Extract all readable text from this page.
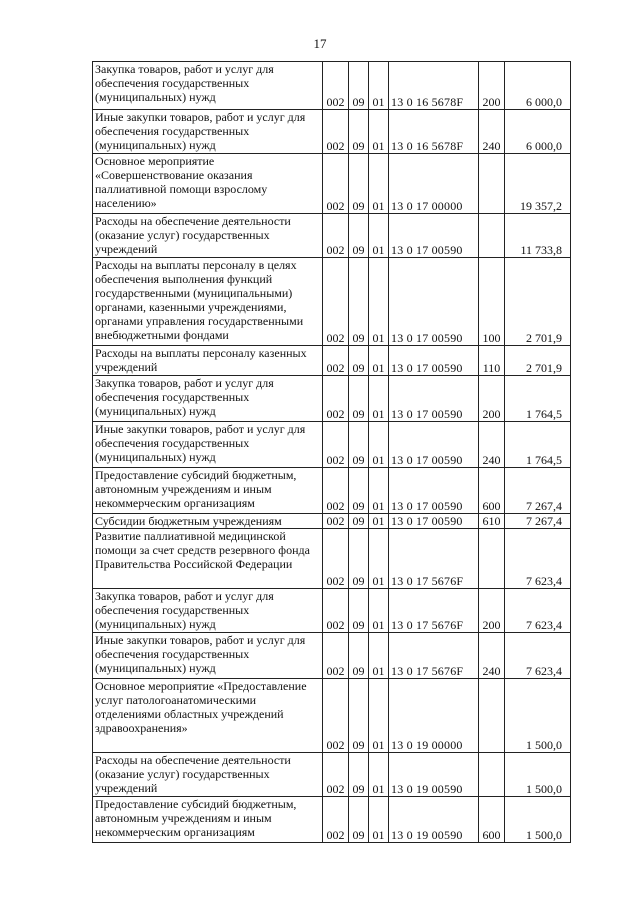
17
Закупка товаров, работ и услуг для обеспечения государственных (муниципальных) нужд	002	09	01	13 0 16 5678F	200	6 000,0
Иные закупки товаров, работ и услуг для обеспечения государственных (муниципальных) нужд	002	09	01	13 0 16 5678F	240	6 000,0
Основное мероприятие «Совершенствование оказания паллиативной помощи взрослому населению»	002	09	01	13 0 17 00000		19 357,2
Расходы на обеспечение деятельности (оказание услуг) государственных учреждений	002	09	01	13 0 17 00590		11 733,8
Расходы на выплаты персоналу в целях обеспечения выполнения функций государственными (муниципальными) органами, казенными учреждениями, органами управления государственными внебюджетными фондами	002	09	01	13 0 17 00590	100	2 701,9
Расходы на выплаты персоналу казенных учреждений	002	09	01	13 0 17 00590	110	2 701,9
Закупка товаров, работ и услуг для обеспечения государственных (муниципальных) нужд	002	09	01	13 0 17 00590	200	1 764,5
Иные закупки товаров, работ и услуг для обеспечения государственных (муниципальных) нужд	002	09	01	13 0 17 00590	240	1 764,5
Предоставление субсидий бюджетным, автономным учреждениям и иным некоммерческим организациям	002	09	01	13 0 17 00590	600	7 267,4
Субсидии бюджетным учреждениям	002	09	01	13 0 17 00590	610	7 267,4
Развитие паллиативной медицинской помощи за счет средств резервного фонда Правительства Российской Федерации	002	09	01	13 0 17 5676F		7 623,4
Закупка товаров, работ и услуг для обеспечения государственных (муниципальных) нужд	002	09	01	13 0 17 5676F	200	7 623,4
Иные закупки товаров, работ и услуг для обеспечения государственных (муниципальных) нужд	002	09	01	13 0 17 5676F	240	7 623,4
Основное мероприятие «Предоставление услуг патологоанатомическими отделениями областных учреждений здравоохранения»	002	09	01	13 0 19 00000		1 500,0
Расходы на обеспечение деятельности (оказание услуг) государственных учреждений	002	09	01	13 0 19 00590		1 500,0
Предоставление субсидий бюджетным, автономным учреждениям и иным некоммерческим организациям	002	09	01	13 0 19 00590	600	1 500,0
